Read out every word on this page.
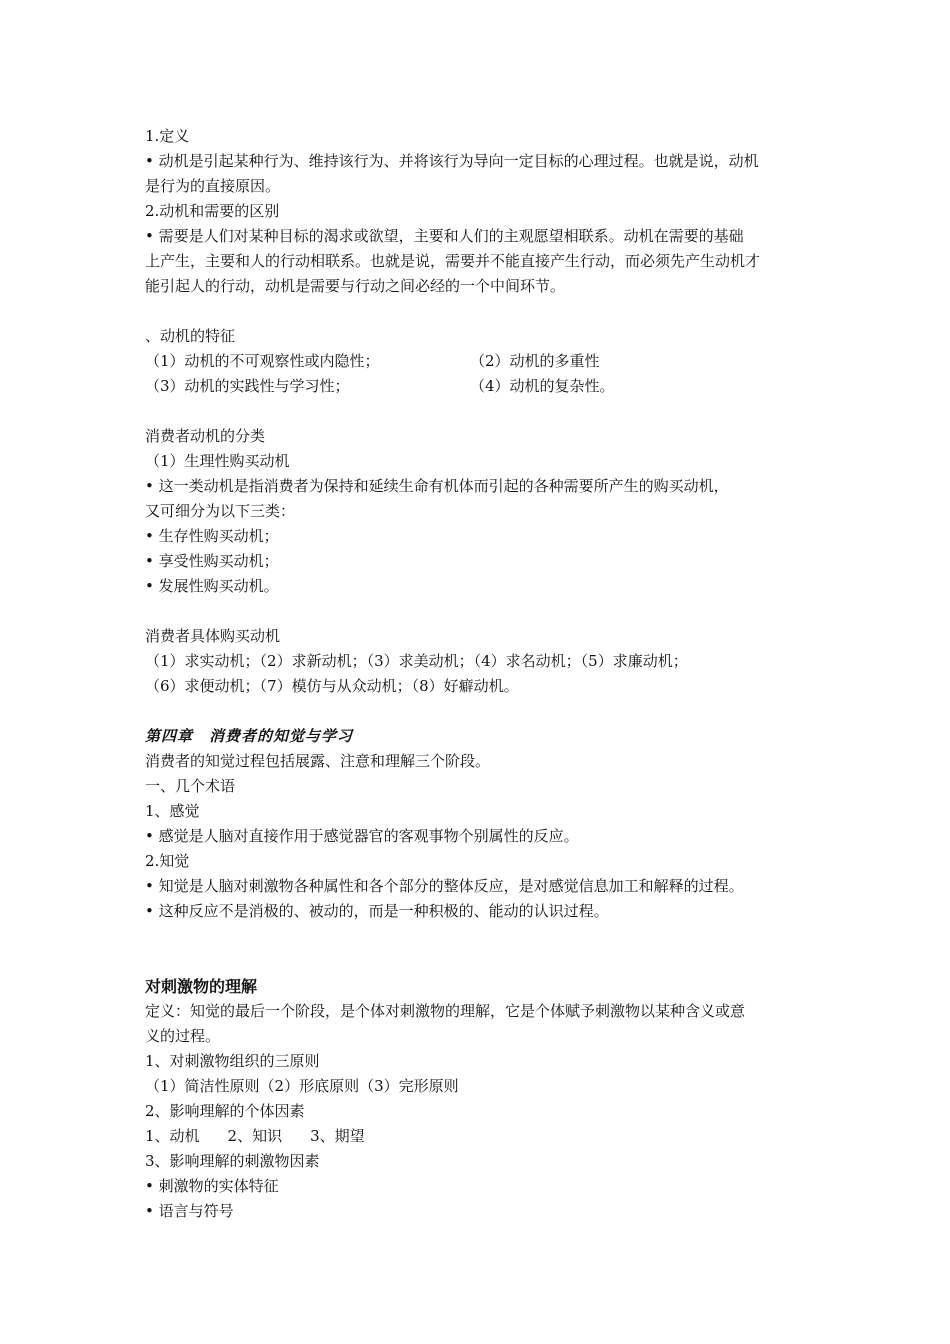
1.定义
• 动机是引起某种行为、维持该行为、并将该行为导向一定目标的心理过程。也就是说，动机
是行为的直接原因。
2.动机和需要的区别
• 需要是人们对某种目标的渴求或欲望，主要和人们的主观愿望相联系。动机在需要的基础
上产生，主要和人的行动相联系。也就是说，需要并不能直接产生行动，而必须先产生动机才
能引起人的行动，动机是需要与行动之间必经的一个中间环节。
、动机的特征
（1）动机的不可观察性或内隐性；	（2）动机的多重性
（3）动机的实践性与学习性；	（4）动机的复杂性。
消费者动机的分类
（1）生理性购买动机
• 这一类动机是指消费者为保持和延续生命有机体而引起的各种需要所产生的购买动机，
又可细分为以下三类：
• 生存性购买动机；
• 享受性购买动机；
• 发展性购买动机。
消费者具体购买动机
（1）求实动机；（2）求新动机；（3）求美动机；（4）求名动机；（5）求廉动机；
（6）求便动机；（7）模仿与从众动机；（8）好癖动机。
第四章　消费者的知觉与学习
消费者的知觉过程包括展露、注意和理解三个阶段。
一、几个术语
1、感觉
• 感觉是人脑对直接作用于感觉器官的客观事物个别属性的反应。
2.知觉
• 知觉是人脑对刺激物各种属性和各个部分的整体反应，是对感觉信息加工和解释的过程。
• 这种反应不是消极的、被动的，而是一种积极的、能动的认识过程。
对刺激物的理解
定义：知觉的最后一个阶段，是个体对刺激物的理解，它是个体赋予刺激物以某种含义或意
义的过程。
1、对刺激物组织的三原则
（1）简洁性原则（2）形底原则（3）完形原则
2、影响理解的个体因素
1、动机 2、知识 3、期望
3、影响理解的刺激物因素
• 刺激物的实体特征
• 语言与符号
